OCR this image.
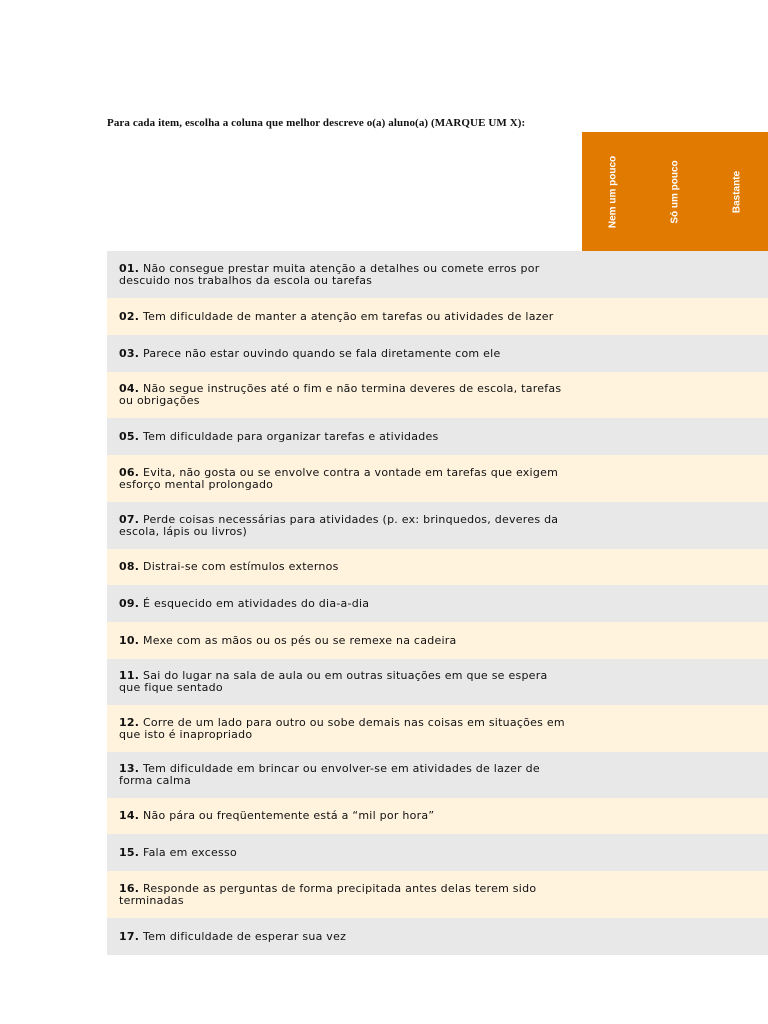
Para cada item, escolha a coluna que melhor descreve o(a) aluno(a) (MARQUE UM X):
Nem um pouco	Só um pouco	Bastante
01. Não consegue prestar muita atenção a detalhes ou comete erros por descuido nos trabalhos da escola ou tarefas
02. Tem dificuldade de manter a atenção em tarefas ou atividades de lazer
03. Parece não estar ouvindo quando se fala diretamente com ele
04. Não segue instruções até o fim e não termina deveres de escola, tarefas ou obrigações
05. Tem dificuldade para organizar tarefas e atividades
06. Evita, não gosta ou se envolve contra a vontade em tarefas que exigem esforço mental prolongado
07. Perde coisas necessárias para atividades (p. ex: brinquedos, deveres da escola, lápis ou livros)
08. Distrai-se com estímulos externos
09. É esquecido em atividades do dia-a-dia
10. Mexe com as mãos ou os pés ou se remexe na cadeira
11. Sai do lugar na sala de aula ou em outras situações em que se espera que fique sentado
12. Corre de um lado para outro ou sobe demais nas coisas em situações em que isto é inapropriado
13. Tem dificuldade em brincar ou envolver-se em atividades de lazer de forma calma
14. Não pára ou freqüentemente está a “mil por hora”
15. Fala em excesso
16. Responde as perguntas de forma precipitada antes delas terem sido terminadas
17. Tem dificuldade de esperar sua vez
